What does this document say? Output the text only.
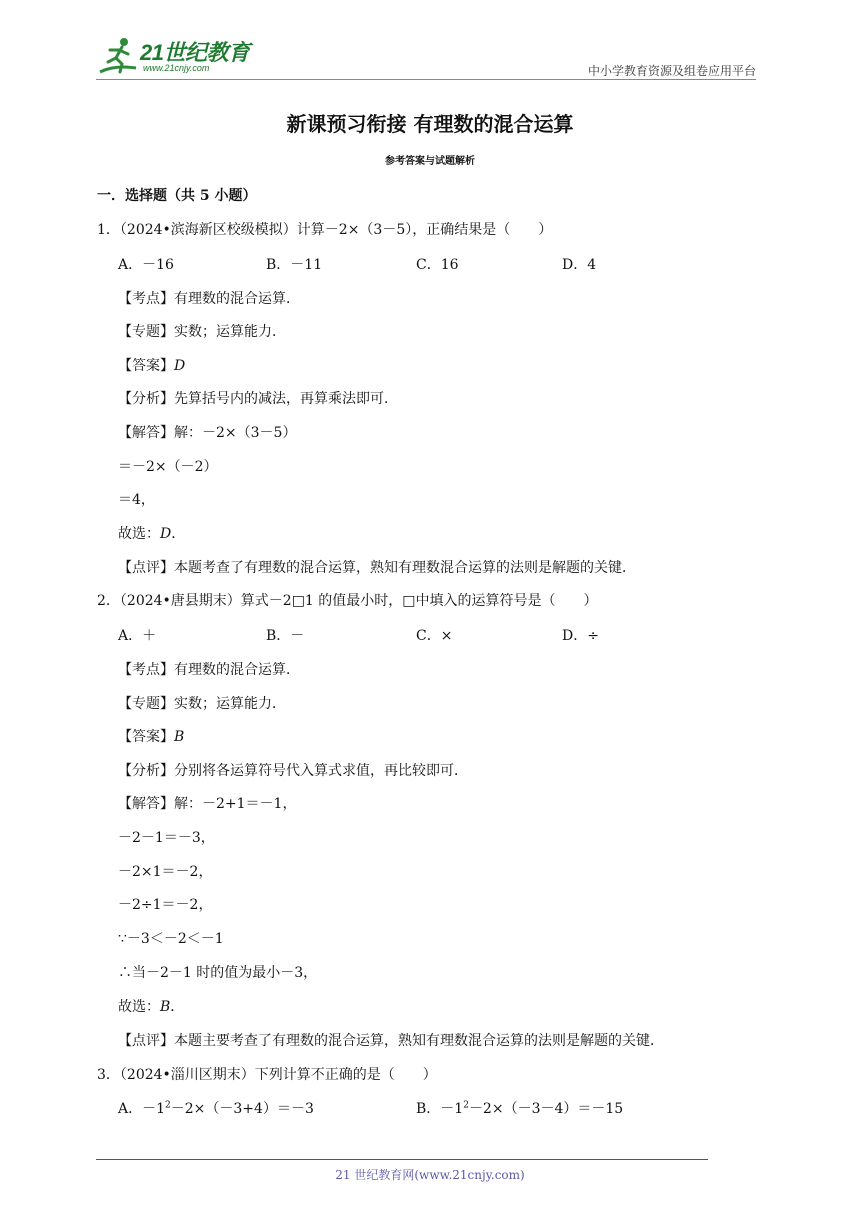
21世纪教育
www.21cnjy.com	中小学教育资源及组卷应用平台
新课预习衔接 有理数的混合运算
参考答案与试题解析
一．选择题（共 5 小题）
1．（2024•滨海新区校级模拟）计算－2×（3－5），正确结果是（　　）
A．－16	B．－11	C．16	D．4
【考点】有理数的混合运算．
【专题】实数；运算能力．
【答案】D
【分析】先算括号内的减法，再算乘法即可．
【解答】解：－2×（3－5）
＝－2×（－2）
＝4，
故选：D．
【点评】本题考查了有理数的混合运算，熟知有理数混合运算的法则是解题的关键．
2．（2024•唐县期末）算式－2□1 的值最小时，□中填入的运算符号是（　　）
A．＋	B．－	C．×	D．÷
【考点】有理数的混合运算．
【专题】实数；运算能力．
【答案】B
【分析】分别将各运算符号代入算式求值，再比较即可．
【解答】解：－2+1＝－1，
－2－1＝－3，
－2×1＝－2，
－2÷1＝－2，
∵－3＜－2＜－1
∴当－2－1 时的值为最小－3，
故选：B．
【点评】本题主要考查了有理数的混合运算，熟知有理数混合运算的法则是解题的关键．
3．（2024•淄川区期末）下列计算不正确的是（　　）
A．$-1^2-2\times(-3+4)=-3$	B．$-1^2-2\times(-3-4)=-15$
21 世纪教育网(www.21cnjy.com)
